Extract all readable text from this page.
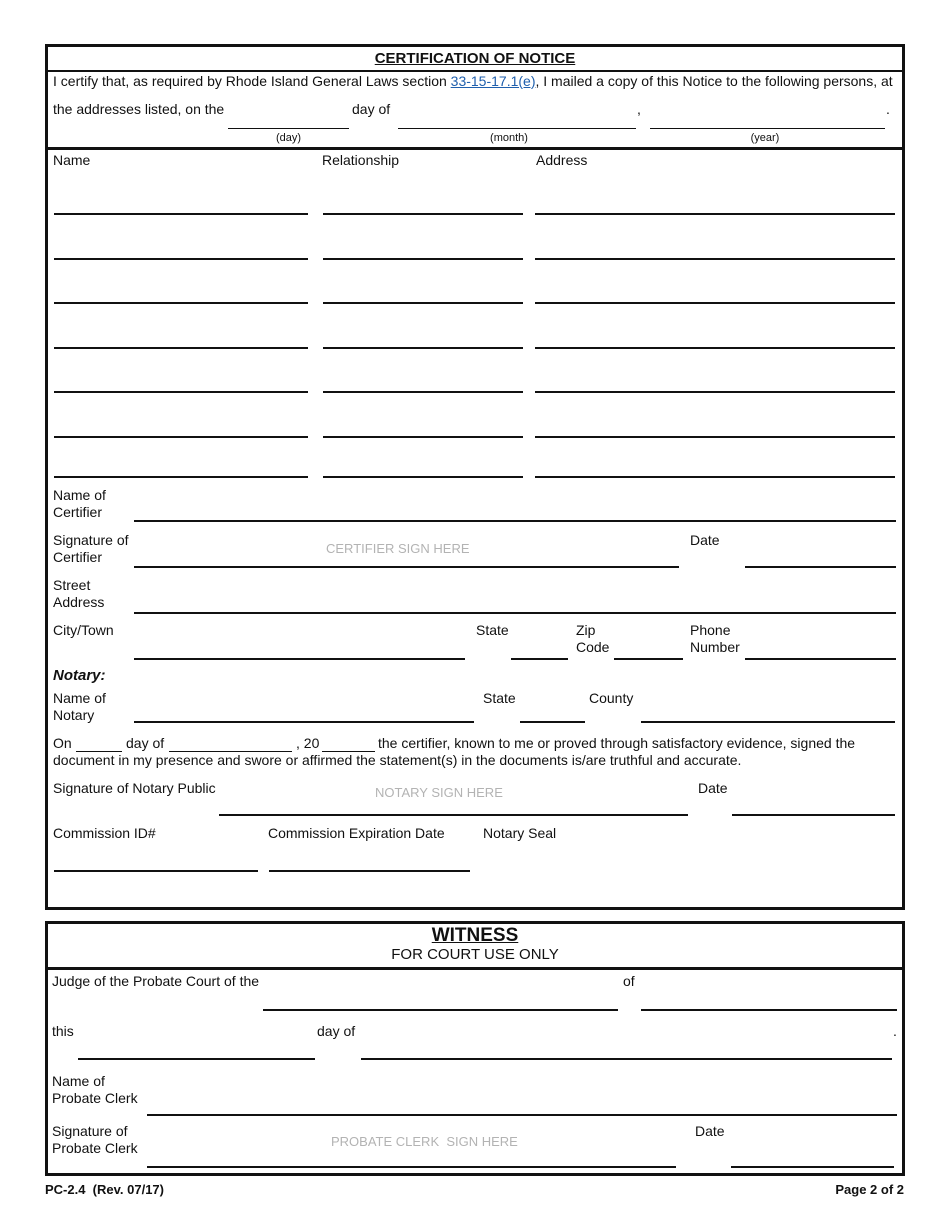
CERTIFICATION OF NOTICE
I certify that, as required by Rhode Island General Laws section 33-15-17.1(e), I mailed a copy of this Notice to the following persons, at
the addresses listed, on the	day of	,	.
(day)	(month)	(year)
Name	Relationship	Address
Name of
Certifier
Signature of
Certifier
CERTIFIER SIGN HERE
Date
Street
Address
City/Town	State	Zip
Code
Phone
Number
Notary:
Name of
Notary
State	County
On	day of	, 20	the certifier, known to me or proved through satisfactory evidence, signed the
document in my presence and swore or affirmed the statement(s) in the documents is/are truthful and accurate.
Signature of Notary Public	NOTARY SIGN HERE	Date
Commission ID#	Commission Expiration Date	Notary Seal
WITNESS
FOR COURT USE ONLY
Judge of the Probate Court of the	of
this	day of	.
Name of
Probate Clerk
Signature of
Probate Clerk	PROBATE CLERK  SIGN HERE
Date
PC-2.4  (Rev. 07/17)	Page 2 of 2
